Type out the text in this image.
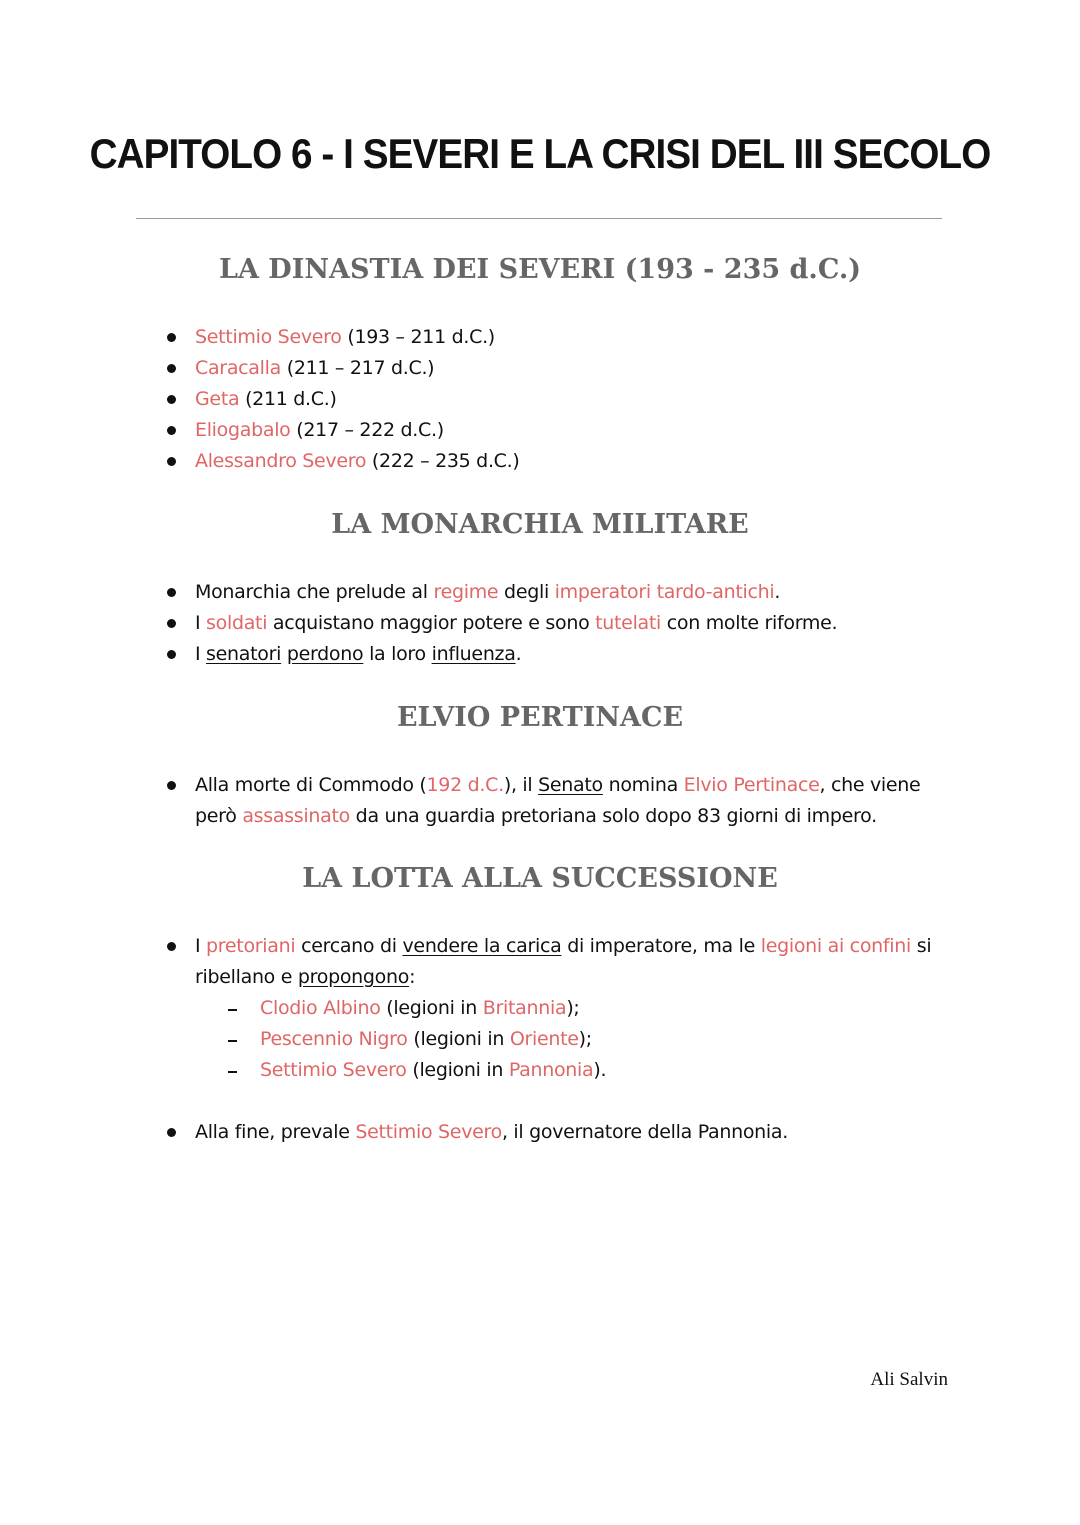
CAPITOLO 6 - I SEVERI E LA CRISI DEL III SECOLO
LA DINASTIA DEI SEVERI (193 - 235 d.C.)
Settimio Severo (193 – 211 d.C.)
Caracalla (211 – 217 d.C.)
Geta (211 d.C.)
Eliogabalo (217 – 222 d.C.)
Alessandro Severo (222 – 235 d.C.)
LA MONARCHIA MILITARE
Monarchia che prelude al regime degli imperatori tardo-antichi.
I soldati acquistano maggior potere e sono tutelati con molte riforme.
I senatori perdono la loro influenza.
ELVIO PERTINACE
Alla morte di Commodo (192 d.C.), il Senato nomina Elvio Pertinace, che viene però assassinato da una guardia pretoriana solo dopo 83 giorni di impero.
LA LOTTA ALLA SUCCESSIONE
I pretoriani cercano di vendere la carica di imperatore, ma le legioni ai confini si ribellano e propongono:
Clodio Albino (legioni in Britannia);
Pescennio Nigro (legioni in Oriente);
Settimio Severo (legioni in Pannonia).
Alla fine, prevale Settimio Severo, il governatore della Pannonia.

Ali Salvin
